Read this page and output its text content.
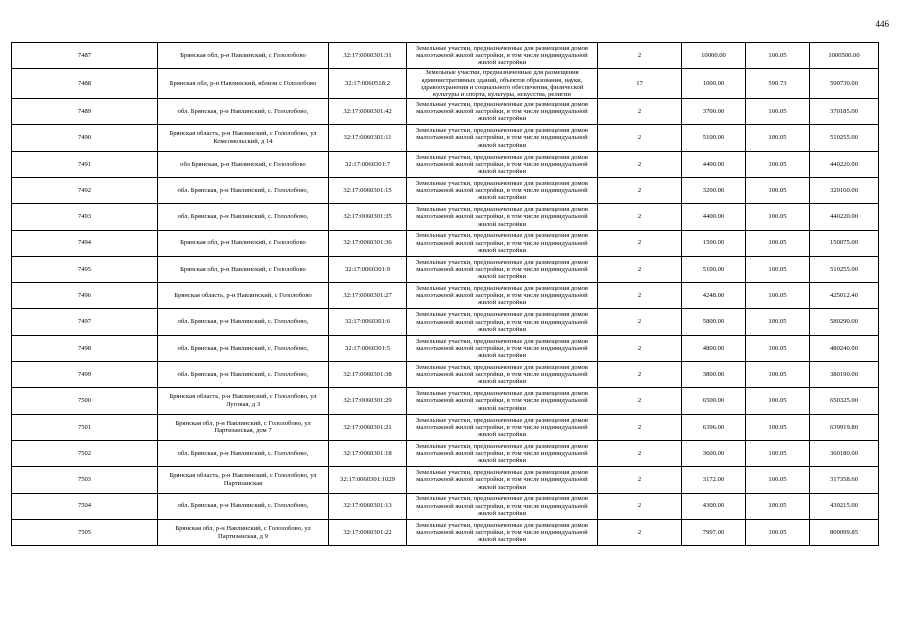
446
7487	Брянская обл, р-н Навлинский, с Гололобово	32:17:0060301:31	Земельные участки, предназначенные для размещения домов малоэтажной жилой застройки, в том числе индивидуальной жилой застройки	2	10000.00	100.05	1000500.00
7488	Брянская обл, р-н Навлинский, вблизи с Гололобово	32:17:0060518:2	Земельные участки, предназначенные для размещения административных зданий, объектов образования, науки, здравоохранения и социального обеспечения, физической культуры и спорта, культуры, искусства, религии	17	1000.00	590.73	590730.00
7489	обл. Брянская, р-н Навлинский, с. Гололобово,	32:17:0060301:42	Земельные участки, предназначенные для размещения домов малоэтажной жилой застройки, в том числе индивидуальной жилой застройки	2	3700.00	100.05	370185.00
7490	Брянская область, р-н Навлинский, с Гололобово, ул Комсомольский, д 14	32:17:0060301:11	Земельные участки, предназначенные для размещения домов малоэтажной жилой застройки, в том числе индивидуальной жилой застройки	2	5100.00	100.05	510255.00
7491	обл Брянская, р-н Навлинский, с Гололобово	32:17:0060301:7	Земельные участки, предназначенные для размещения домов малоэтажной жилой застройки, в том числе индивидуальной жилой застройки	2	4400.00	100.05	440220.00
7492	обл. Брянская, р-н Навлинский, с. Гололобово,	32:17:0060301:15	Земельные участки, предназначенные для размещения домов малоэтажной жилой застройки, в том числе индивидуальной жилой застройки	2	3200.00	100.05	320160.00
7493	обл. Брянская, р-н Навлинский, с. Гололобово,	32:17:0060301:35	Земельные участки, предназначенные для размещения домов малоэтажной жилой застройки, в том числе индивидуальной жилой застройки	2	4400.00	100.05	440220.00
7494	Брянская обл, р-н Навлинский, с Гололобово	32:17:0060301:36	Земельные участки, предназначенные для размещения домов малоэтажной жилой застройки, в том числе индивидуальной жилой застройки	2	1500.00	100.05	150075.00
7495	Брянская обл, р-н Навлинский, с Гололобово	32:17:0060301:9	Земельные участки, предназначенные для размещения домов малоэтажной жилой застройки, в том числе индивидуальной жилой застройки	2	5100.00	100.05	510255.00
7496	Брянская область, р-н Навлинский, с Гололобово	32:17:0060301:27	Земельные участки, предназначенные для размещения домов малоэтажной жилой застройки, в том числе индивидуальной жилой застройки	2	4248.00	100.05	425012.40
7497	обл. Брянская, р-н Навлинский, с. Гололобово,	32:17:0060301:6	Земельные участки, предназначенные для размещения домов малоэтажной жилой застройки, в том числе индивидуальной жилой застройки	2	5800.00	100.05	580290.00
7498	обл. Брянская, р-н Навлинский, с. Гололобово,	32:17:0060301:5	Земельные участки, предназначенные для размещения домов малоэтажной жилой застройки, в том числе индивидуальной жилой застройки	2	4800.00	100.05	480240.00
7499	обл. Брянская, р-н Навлинский, с. Гололобово,	32:17:0060301:38	Земельные участки, предназначенные для размещения домов малоэтажной жилой застройки, в том числе индивидуальной жилой застройки	2	3800.00	100.05	380190.00
7500	Брянская область, р-н Навлинский, с Гололобово, ул Луговая, д 3	32:17:0060301:29	Земельные участки, предназначенные для размещения домов малоэтажной жилой застройки, в том числе индивидуальной жилой застройки	2	6500.00	100.05	650325.00
7501	Брянская обл, р-н Навлинский, с Гололобово, ул Партизанская, дом 7	32:17:0060301:21	Земельные участки, предназначенные для размещения домов малоэтажной жилой застройки, в том числе индивидуальной жилой застройки	2	6396.00	100.05	639919.80
7502	обл. Брянская, р-н Навлинский, с. Гололобово,	32:17:0060301:18	Земельные участки, предназначенные для размещения домов малоэтажной жилой застройки, в том числе индивидуальной жилой застройки	2	3600.00	100.05	360180.00
7503	Брянская область, р-н Навлинский, с Гололобово, ул Партизанская	32:17:0060301:1029	Земельные участки, предназначенные для размещения домов малоэтажной жилой застройки, в том числе индивидуальной жилой застройки	2	3172.00	100.05	317358.60
7504	обл. Брянская, р-н Навлинский, с. Гололобово,	32:17:0060301:13	Земельные участки, предназначенные для размещения домов малоэтажной жилой застройки, в том числе индивидуальной жилой застройки	2	4300.00	100.05	430215.00
7505	Брянская обл, р-н Навлинский, с Гололобово, ул Партизанская, д 9	32:17:0060301:22	Земельные участки, предназначенные для размещения домов малоэтажной жилой застройки, в том числе индивидуальной жилой застройки	2	7997.00	100.05	800099.85
